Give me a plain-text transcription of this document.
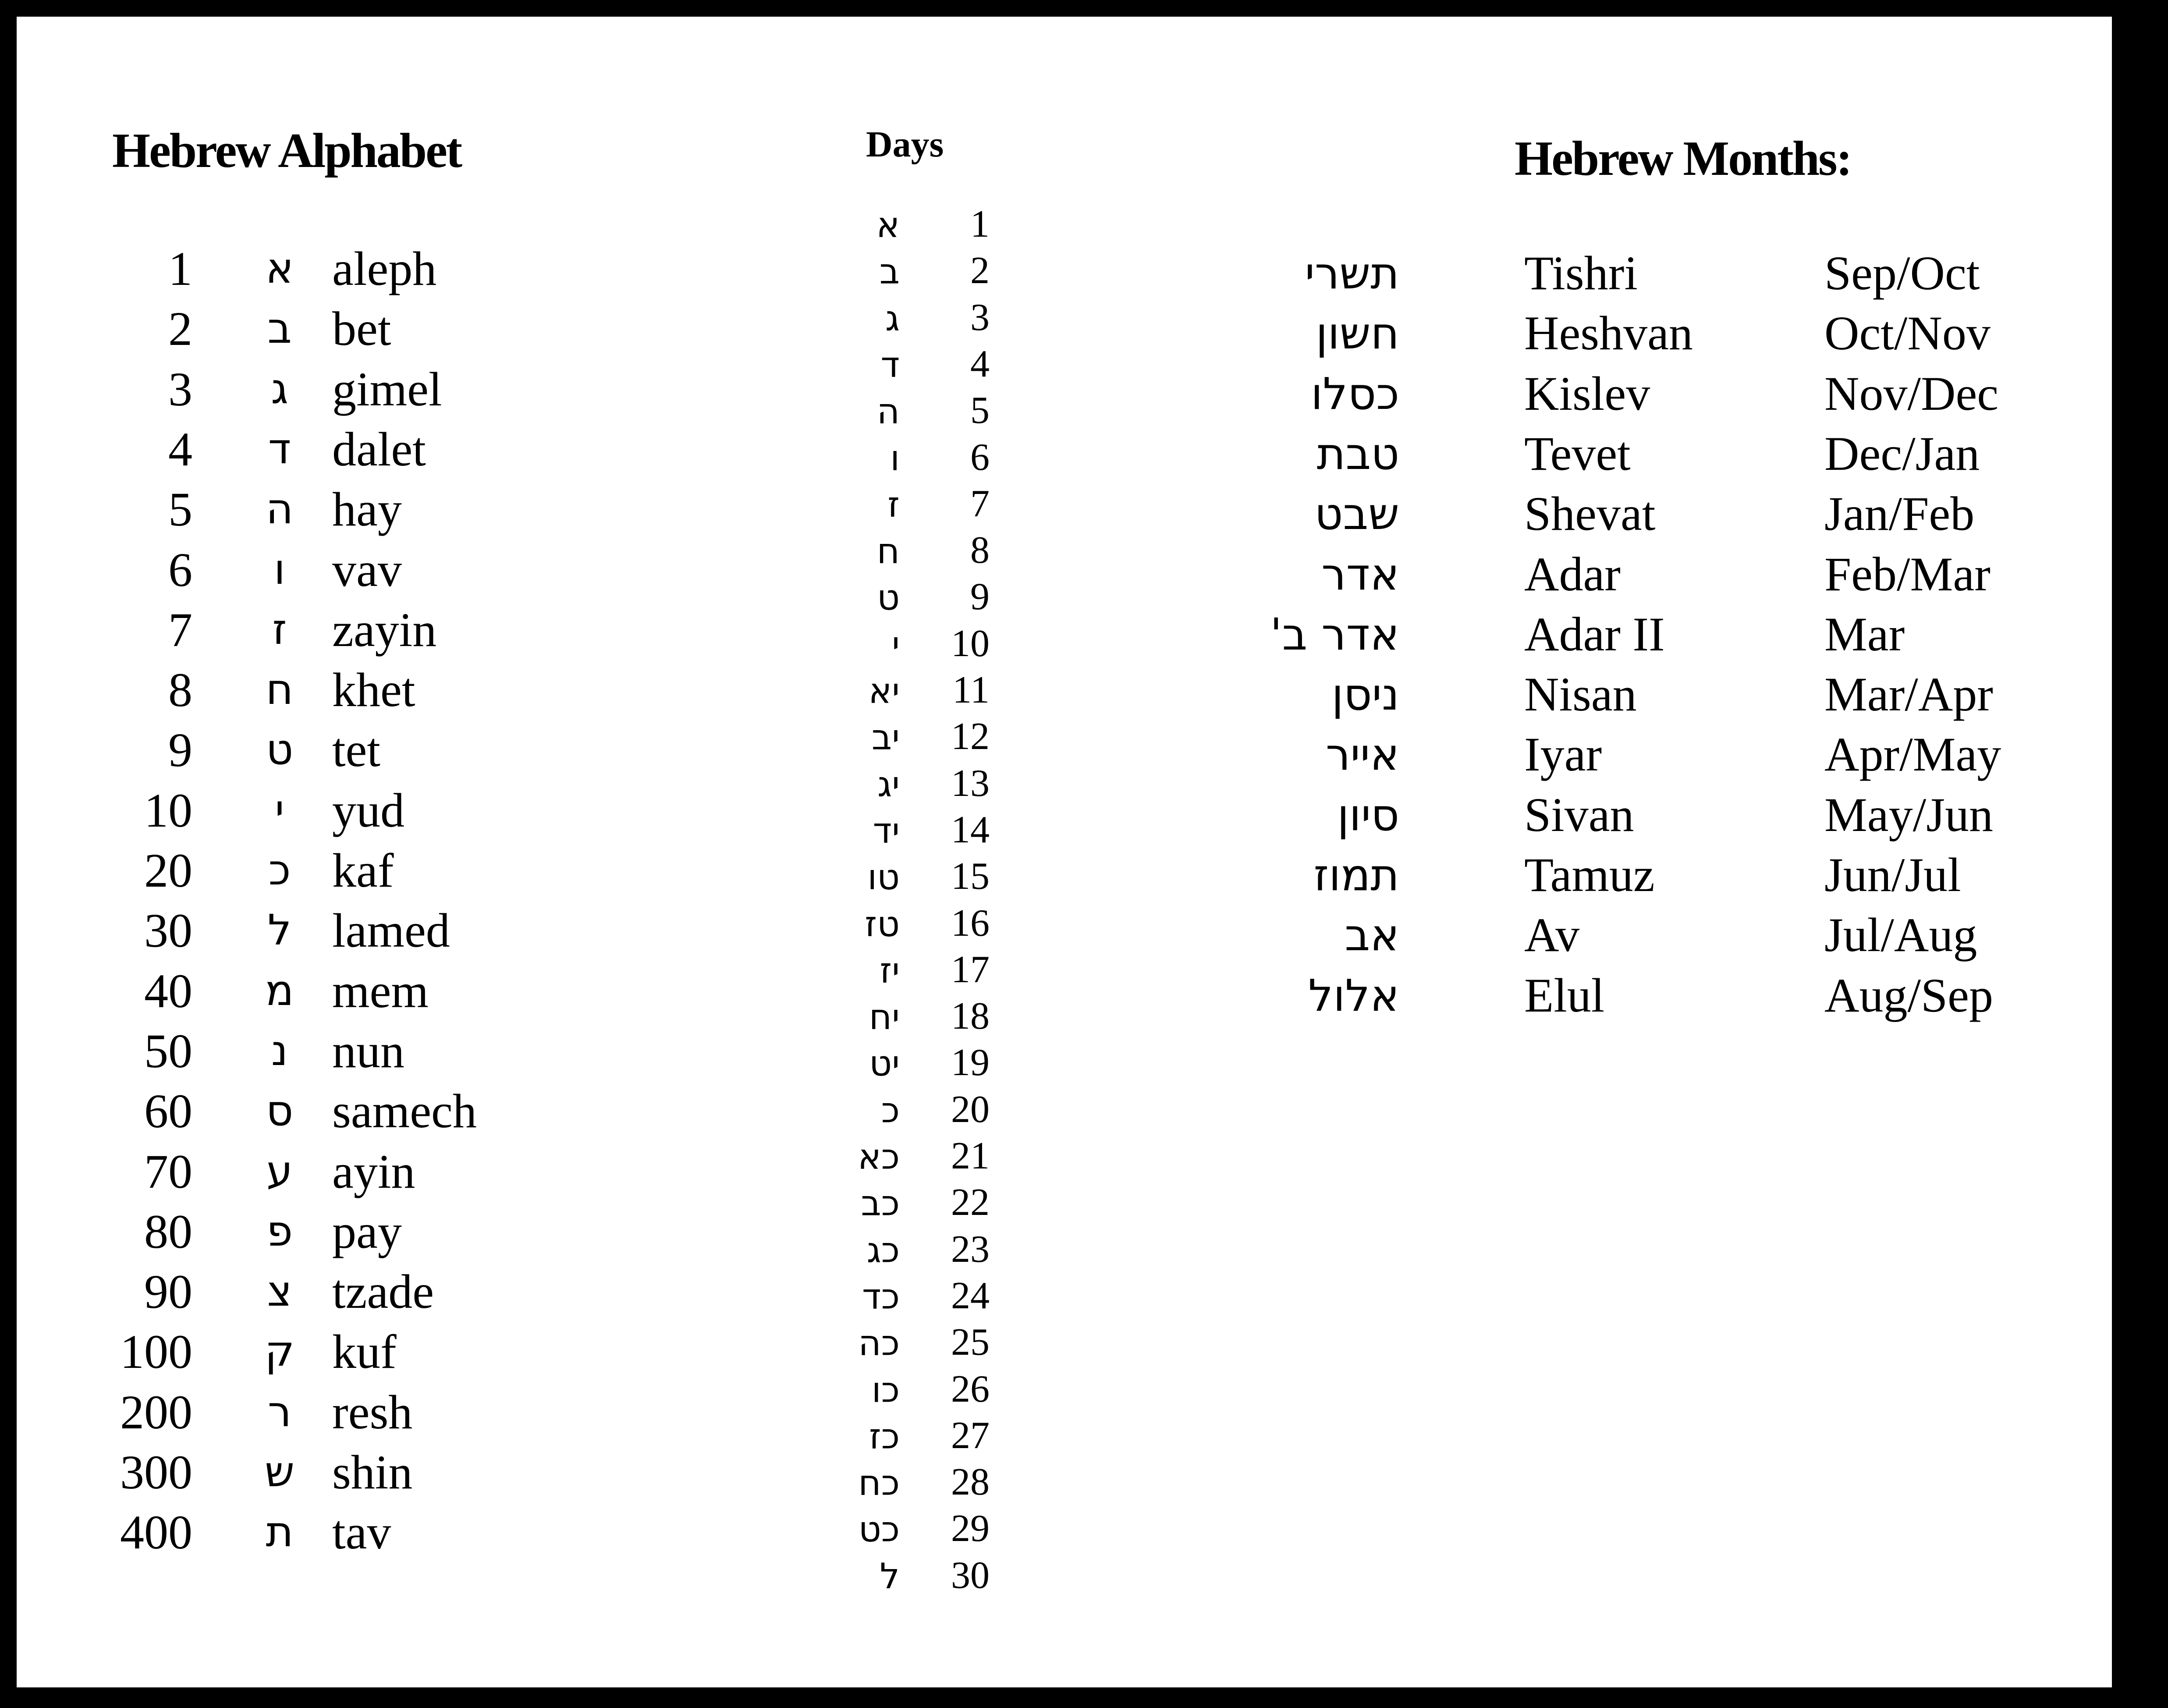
Hebrew Alphabet
1	א aleph
2	ב bet
3	ג gimel
4	ד dalet
5	ה hay
6	ו vav
7	ז zayin
8	ח khet
9	ט tet
10	י yud
20	כ kaf
30	ל lamed
40	מ mem
50	נ nun
60	ס samech
70	ע ayin
80	פ pay
90	צ tzade
100	ק kuf
200	ר resh
300	ש shin
400	ת tav
Days
א 1
ב 2
ג 3
ד 4
ה 5
ו 6
ז 7
ח 8
ט 9
י 10
יא 11
יב 12
יג 13
יד 14
טו 15
טז 16
יז 17
יח 18
יט 19
כ 20
כא 21
כב 22
כג 23
כד 24
כה 25
כו 26
כז 27
כח 28
כט 29
ל 30
Hebrew Months:
תשרי	Tishri	Sep/Oct
חשון	Heshvan	Oct/Nov
כסלו	Kislev	Nov/Dec
טבת	Tevet	Dec/Jan
שבט	Shevat	Jan/Feb
אדר	Adar	Feb/Mar
אדר ב'	Adar II	Mar
ניסן	Nisan	Mar/Apr
אייר	Iyar	Apr/May
סיון	Sivan	May/Jun
תמוז	Tamuz	Jun/Jul
אב	Av	Jul/Aug
אלול	Elul	Aug/Sep
